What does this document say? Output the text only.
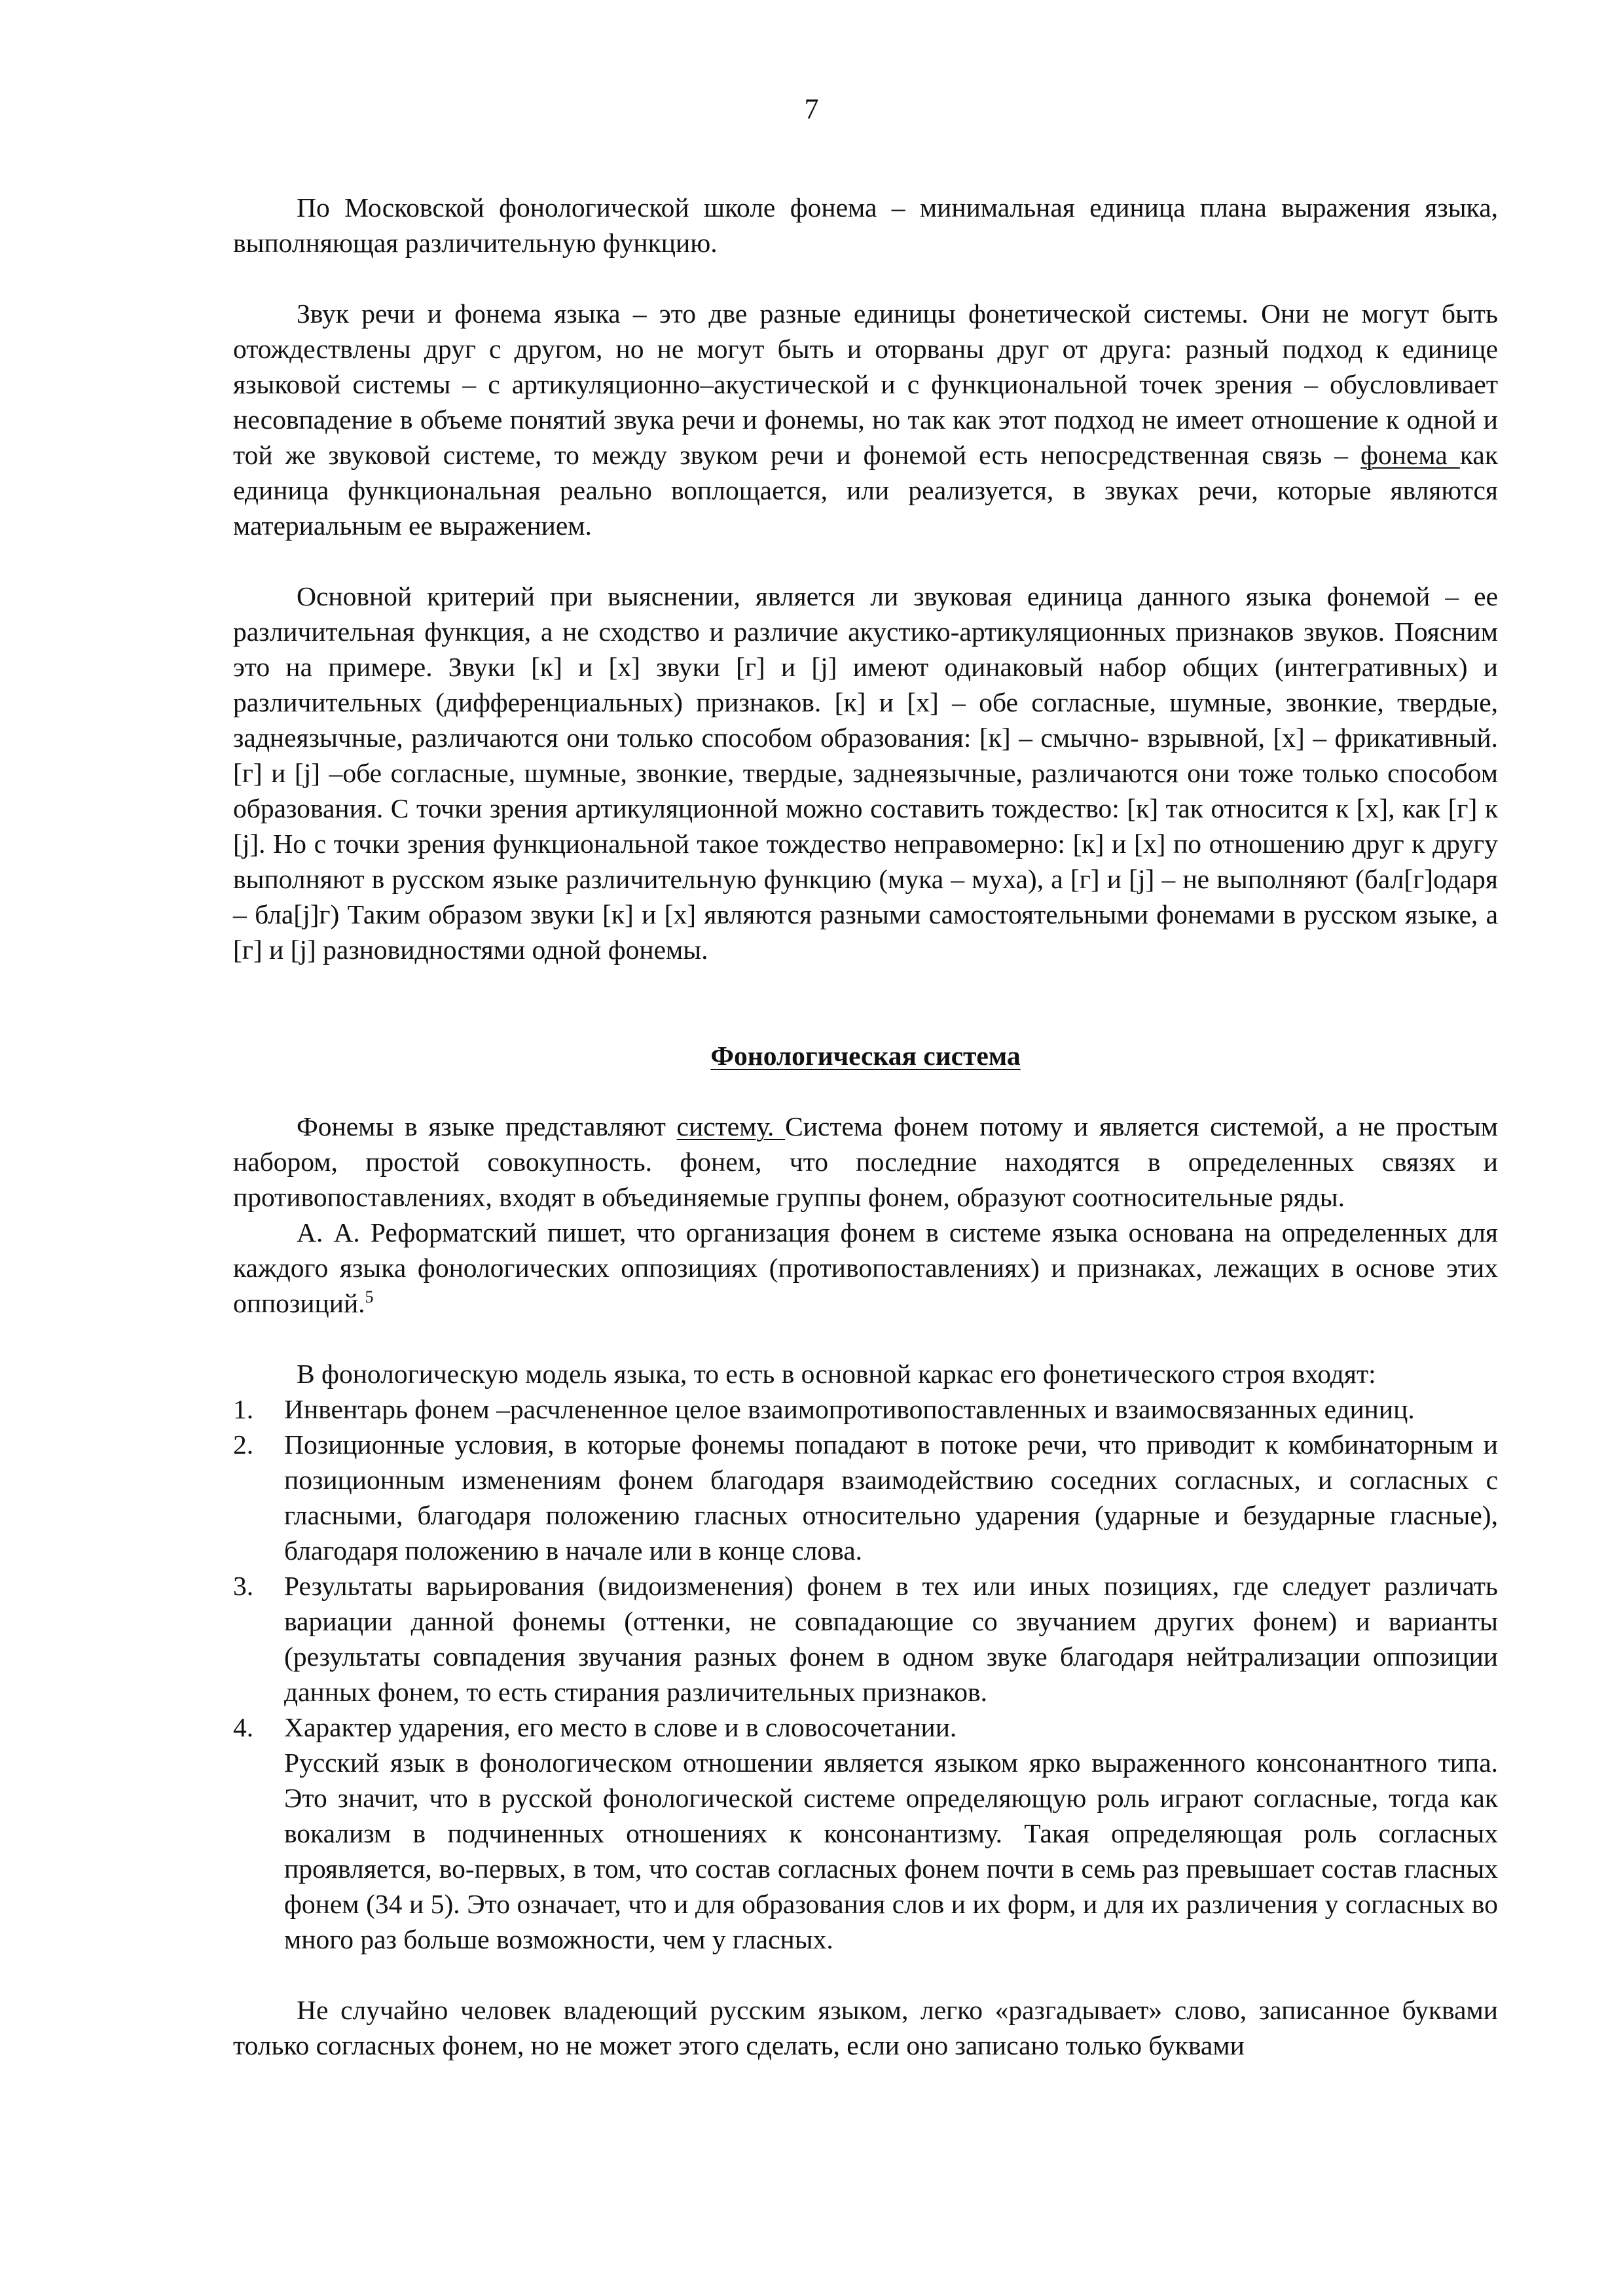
7

По Московской фонологической школе фонема – минимальная единица плана выражения языка, выполняющая различительную функцию.

Звук речи и фонема языка – это две разные единицы фонетической системы. Они не могут быть отождествлены друг с другом, но не могут быть и оторваны друг от друга: разный подход к единице языковой системы – с артикуляционно–акустической и с функциональной точек зрения – обусловливает несовпадение в объеме понятий звука речи и фонемы, но так как этот подход не имеет отношение к одной и той же звуковой системе, то между звуком речи и фонемой есть непосредственная связь – фонема как единица функциональная реально воплощается, или реализуется, в звуках речи, которые являются материальным ее выражением.

Основной критерий при выяснении, является ли звуковая единица данного языка фонемой – ее различительная функция, а не сходство и различие акустико-артикуляционных признаков звуков. Поясним это на примере. Звуки [к] и [х] звуки [г] и [j] имеют одинаковый набор общих (интегративных) и различительных (дифференциальных) признаков. [к] и [х] – обе согласные, шумные, звонкие, твердые, заднеязычные, различаются они только способом образования: [к] – смычно- взрывной, [х] – фрикативный. [г] и [j] –обе согласные, шумные, звонкие, твердые, заднеязычные, различаются они тоже только способом образования. С точки зрения артикуляционной можно составить тождество: [к] так относится к [х], как [г] к [j]. Но с точки зрения функциональной такое тождество неправомерно: [к] и [х] по отношению друг к другу выполняют в русском языке различительную функцию (мука – муха), а [г] и [j] – не выполняют (бал[г]одаря – бла[j]г) Таким образом звуки [к] и [х] являются разными самостоятельными фонемами в русском языке, а [г] и [j] разновидностями одной фонемы.

Фонологическая система

Фонемы в языке представляют систему. Система фонем потому и является системой, а не простым набором, простой совокупность. фонем, что последние находятся в определенных связях и противопоставлениях, входят в объединяемые группы фонем, образуют соотносительные ряды.

А. А. Реформатский пишет, что организация фонем в системе языка основана на определенных для каждого языка фонологических оппозициях (противопоставлениях) и признаках, лежащих в основе этих оппозиций.$^5$

В фонологическую модель языка, то есть в основной каркас его фонетического строя входят:

1. Инвентарь фонем –расчлененное целое взаимопротивопоставленных и взаимосвязанных единиц.
2. Позиционные условия, в которые фонемы попадают в потоке речи, что приводит к комбинаторным и позиционным изменениям фонем благодаря взаимодействию соседних согласных, и согласных с гласными, благодаря положению гласных относительно ударения (ударные и безударные гласные), благодаря положению в начале или в конце слова.
3. Результаты варьирования (видоизменения) фонем в тех или иных позициях, где следует различать вариации данной фонемы (оттенки, не совпадающие со звучанием других фонем) и варианты (результаты совпадения звучания разных фонем в одном звуке благодаря нейтрализации оппозиции данных фонем, то есть стирания различительных признаков.
4. Характер ударения, его место в слове и в словосочетании.
Русский язык в фонологическом отношении является языком ярко выраженного консонантного типа. Это значит, что в русской фонологической системе определяющую роль играют согласные, тогда как вокализм в подчиненных отношениях к консонантизму. Такая определяющая роль согласных проявляется, во-первых, в том, что состав согласных фонем почти в семь раз превышает состав гласных фонем (34 и 5). Это означает, что и для образования слов и их форм, и для их различения у согласных во много раз больше возможности, чем у гласных.

Не случайно человек владеющий русским языком, легко «разгадывает» слово, записанное буквами только согласных фонем, но не может этого сделать, если оно записано только буквами
